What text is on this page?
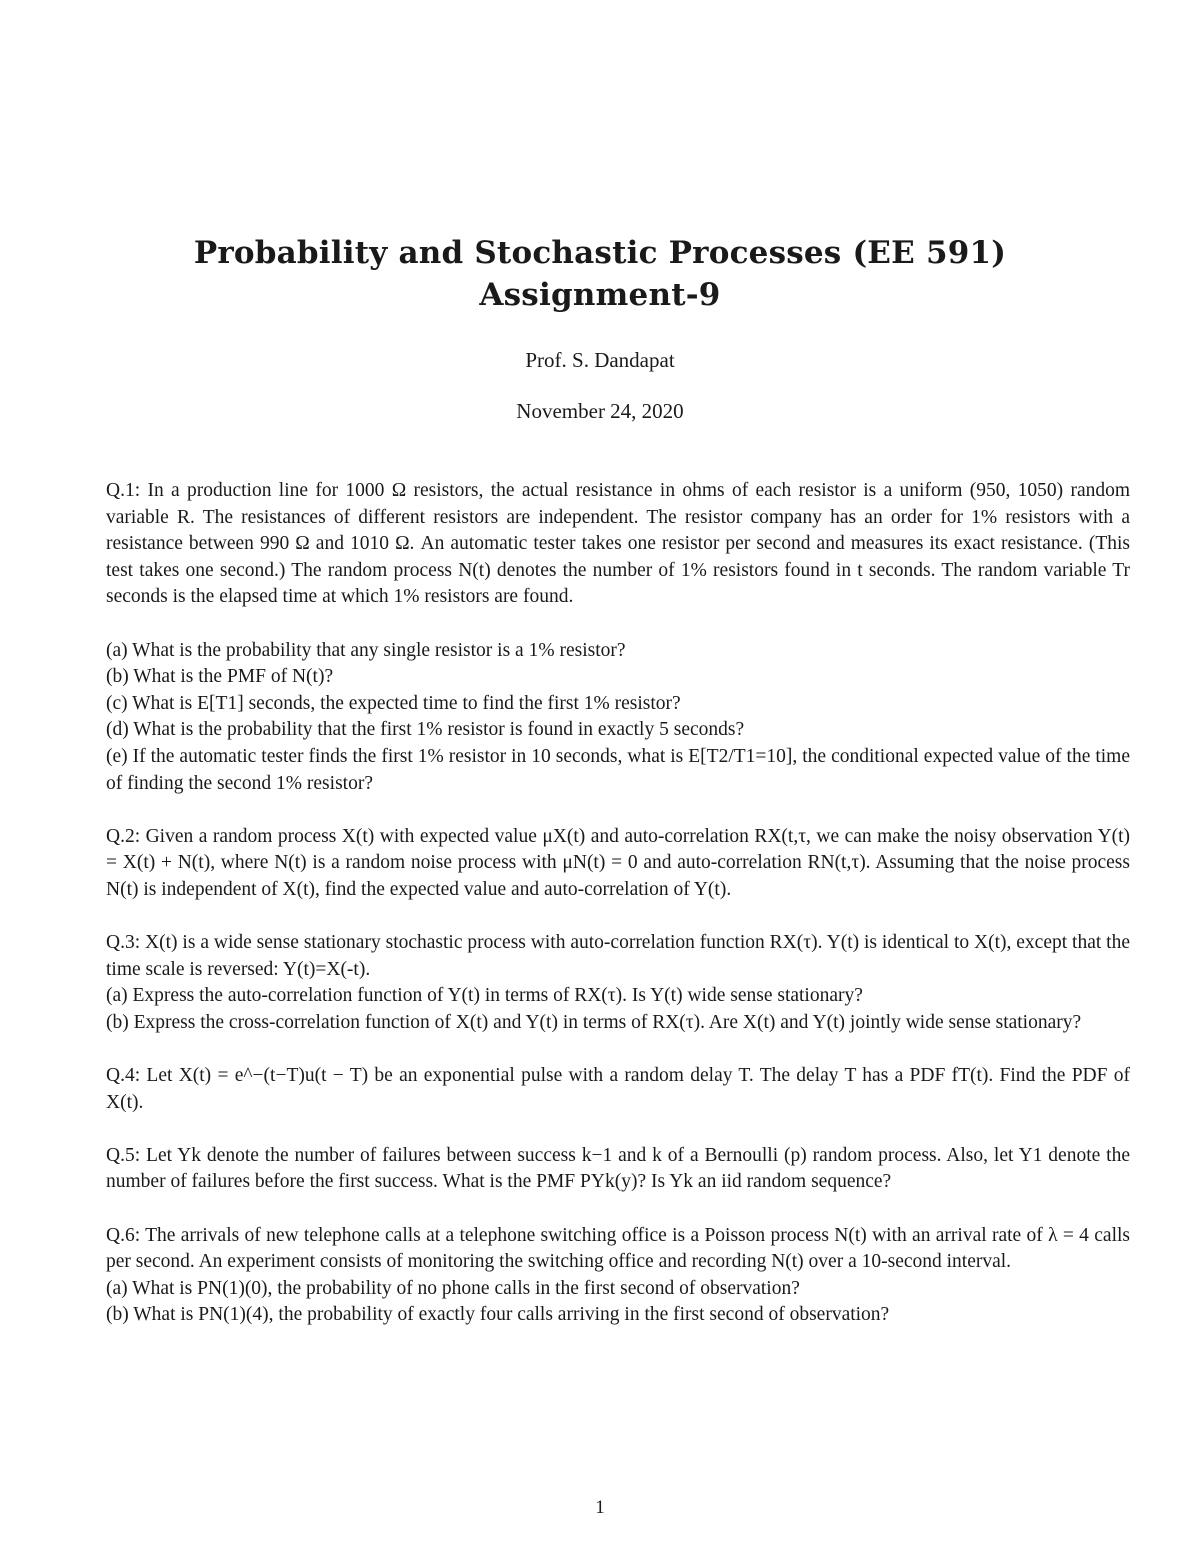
Probability and Stochastic Processes (EE 591)
Assignment-9
Prof. S. Dandapat
November 24, 2020

Q.1: In a production line for 1000 Ω resistors, the actual resistance in ohms of each resistor is a uniform (950, 1050) random variable R. The resistances of different resistors are independent. The resistor company has an order for 1% resistors with a resistance between 990 Ω and 1010 Ω. An automatic tester takes one resistor per second and measures its exact resistance. (This test takes one second.) The random process N(t) denotes the number of 1% resistors found in t seconds. The random variable Tr seconds is the elapsed time at which 1% resistors are found.

(a) What is the probability that any single resistor is a 1% resistor?

(b) What is the PMF of N(t)?

(c) What is E[T1] seconds, the expected time to find the first 1% resistor?

(d) What is the probability that the first 1% resistor is found in exactly 5 seconds?

(e) If the automatic tester finds the first 1% resistor in 10 seconds, what is E[T2/T1=10], the conditional expected value of the time of finding the second 1% resistor?

Q.2: Given a random process X(t) with expected value μX(t) and auto-correlation RX(t,τ, we can make the noisy observation Y(t) = X(t) + N(t), where N(t) is a random noise process with μN(t) = 0 and auto-correlation RN(t,τ). Assuming that the noise process N(t) is independent of X(t), find the expected value and auto-correlation of Y(t).

Q.3: X(t) is a wide sense stationary stochastic process with auto-correlation function RX(τ). Y(t) is identical to X(t), except that the time scale is reversed: Y(t)=X(-t).

(a) Express the auto-correlation function of Y(t) in terms of RX(τ). Is Y(t) wide sense stationary?

(b) Express the cross-correlation function of X(t) and Y(t) in terms of RX(τ). Are X(t) and Y(t) jointly wide sense stationary?

Q.4: Let X(t) = e^−(t−T)u(t − T) be an exponential pulse with a random delay T. The delay T has a PDF fT(t). Find the PDF of X(t).

Q.5: Let Yk denote the number of failures between success k−1 and k of a Bernoulli (p) random process. Also, let Y1 denote the number of failures before the first success. What is the PMF PYk(y)? Is Yk an iid random sequence?

Q.6: The arrivals of new telephone calls at a telephone switching office is a Poisson process N(t) with an arrival rate of λ = 4 calls per second. An experiment consists of monitoring the switching office and recording N(t) over a 10-second interval.

(a) What is PN(1)(0), the probability of no phone calls in the first second of observation?

(b) What is PN(1)(4), the probability of exactly four calls arriving in the first second of observation?

1
